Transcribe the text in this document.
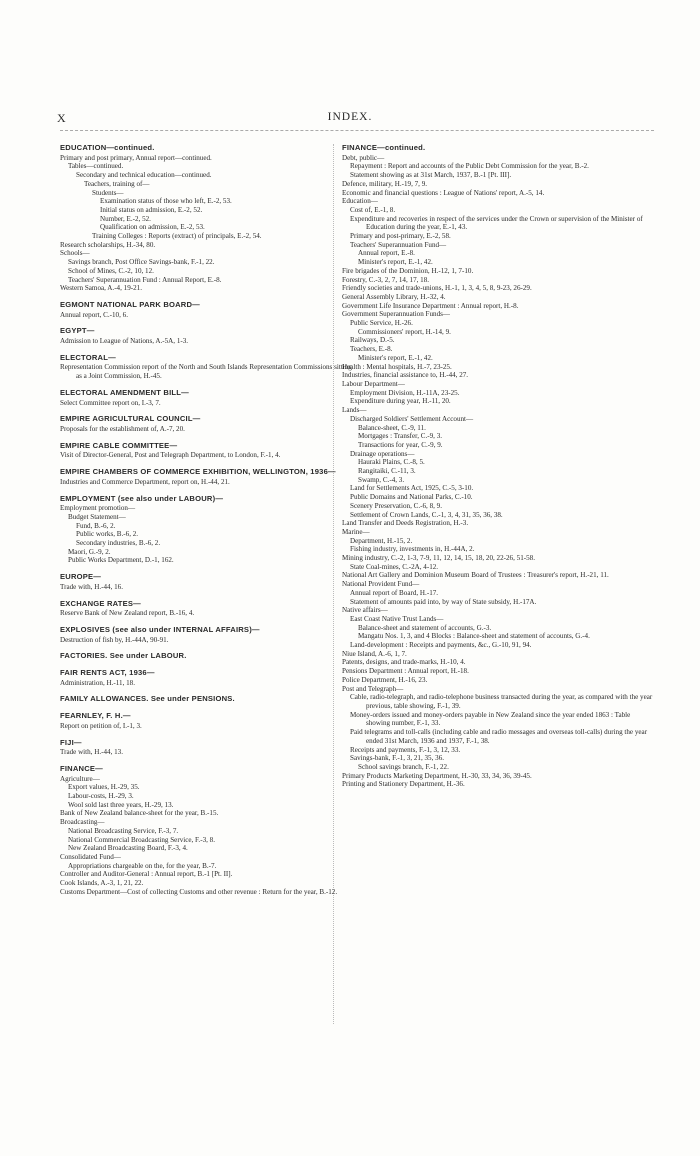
X	INDEX.
EDUCATION—continued.
Primary and post primary, Annual report—continued.
Tables—continued.
Secondary and technical education—continued.
Teachers, training of—
Students—
Examination status of those who left, E.-2, 53.
Initial status on admission, E.-2, 52.
Number, E.-2, 52.
Qualification on admission, E.-2, 53.
Training Colleges : Reports (extract) of principals, E.-2, 54.
Research scholarships, H.-34, 80.
Schools—
Savings branch, Post Office Savings-bank, F.-1, 22.
School of Mines, C.-2, 10, 12.
Teachers' Superannuation Fund : Annual Report, E.-8.
Western Samoa, A.-4, 19-21.
EGMONT NATIONAL PARK BOARD—
Annual report, C.-10, 6.
EGYPT—
Admission to League of Nations, A.-5A, 1-3.
ELECTORAL—
Representation Commission report of the North and South Islands Representation Commissions sitting as a Joint Commission, H.-45.
ELECTORAL AMENDMENT BILL—
Select Committee report on, I.-3, 7.
EMPIRE AGRICULTURAL COUNCIL—
Proposals for the establishment of, A.-7, 20.
EMPIRE CABLE COMMITTEE—
Visit of Director-General, Post and Telegraph Department, to London, F.-1, 4.
EMPIRE CHAMBERS OF COMMERCE EXHIBITION, WELLINGTON, 1936—
Industries and Commerce Department, report on, H.-44, 21.
EMPLOYMENT (see also under LABOUR)—
Employment promotion—
Budget Statement—
Fund, B.-6, 2.
Public works, B.-6, 2.
Secondary industries, B.-6, 2.
Maori, G.-9, 2.
Public Works Department, D.-1, 162.
EUROPE—
Trade with, H.-44, 16.
EXCHANGE RATES—
Reserve Bank of New Zealand report, B.-16, 4.
EXPLOSIVES (see also under INTERNAL AFFAIRS)—
Destruction of fish by, H.-44A, 90-91.
FACTORIES. See under LABOUR.
FAIR RENTS ACT, 1936—
Administration, H.-11, 18.
FAMILY ALLOWANCES. See under PENSIONS.
FEARNLEY, F. H.—
Report on petition of, I.-1, 3.
FIJI—
Trade with, H.-44, 13.
FINANCE—
Agriculture—
Export values, H.-29, 35.
Labour-costs, H.-29, 3.
Wool sold last three years, H.-29, 13.
Bank of New Zealand balance-sheet for the year, B.-15.
Broadcasting—
National Broadcasting Service, F.-3, 7.
National Commercial Broadcasting Service, F.-3, 8.
New Zealand Broadcasting Board, F.-3, 4.
Consolidated Fund—
Appropriations chargeable on the, for the year, B.-7.
Controller and Auditor-General : Annual report, B.-1 [Pt. II].
Cook Islands, A.-3, 1, 21, 22.
Customs Department—Cost of collecting Customs and other revenue : Return for the year, B.-12.
FINANCE—continued.
Debt, public—
Repayment : Report and accounts of the Public Debt Commission for the year, B.-2.
Statement showing as at 31st March, 1937, B.-1 [Pt. III].
Defence, military, H.-19, 7, 9.
Economic and financial questions : League of Nations' report, A.-5, 14.
Education—
Cost of, E.-1, 8.
Expenditure and recoveries in respect of the services under the Crown or supervision of the Minister of Education during the year, E.-1, 43.
Primary and post-primary, E.-2, 58.
Teachers' Superannuation Fund—
Annual report, E.-8.
Minister's report, E.-1, 42.
Fire brigades of the Dominion, H.-12, 1, 7-10.
Forestry, C.-3, 2, 7, 14, 17, 18.
Friendly societies and trade-unions, H.-1, 1, 3, 4, 5, 8, 9-23, 26-29.
General Assembly Library, H.-32, 4.
Government Life Insurance Department : Annual report, H.-8.
Government Superannuation Funds—
Public Service, H.-26.
Commissioners' report, H.-14, 9.
Railways, D.-5.
Teachers, E.-8.
Minister's report, E.-1, 42.
Health : Mental hospitals, H.-7, 23-25.
Industries, financial assistance to, H.-44, 27.
Labour Department—
Employment Division, H.-11A, 23-25.
Expenditure during year, H.-11, 20.
Lands—
Discharged Soldiers' Settlement Account—
Balance-sheet, C.-9, 11.
Mortgages : Transfer, C.-9, 3.
Transactions for year, C.-9, 9.
Drainage operations—
Hauraki Plains, C.-8, 5.
Rangitaiki, C.-11, 3.
Swamp, C.-4, 3.
Land for Settlements Act, 1925, C.-5, 3-10.
Public Domains and National Parks, C.-10.
Scenery Preservation, C.-6, 8, 9.
Settlement of Crown Lands, C.-1, 3, 4, 31, 35, 36, 38.
Land Transfer and Deeds Registration, H.-3.
Marine—
Department, H.-15, 2.
Fishing industry, investments in, H.-44A, 2.
Mining industry, C.-2, 1-3, 7-9, 11, 12, 14, 15, 18, 20, 22-26, 51-58.
State Coal-mines, C.-2A, 4-12.
National Art Gallery and Dominion Museum Board of Trustees : Treasurer's report, H.-21, 11.
National Provident Fund—
Annual report of Board, H.-17.
Statement of amounts paid into, by way of State subsidy, H.-17A.
Native affairs—
East Coast Native Trust Lands—
Balance-sheet and statement of accounts, G.-3.
Mangatu Nos. 1, 3, and 4 Blocks : Balance-sheet and statement of accounts, G.-4.
Land-development : Receipts and payments, &c., G.-10, 91, 94.
Niue Island, A.-6, 1, 7.
Patents, designs, and trade-marks, H.-10, 4.
Pensions Department : Annual report, H.-18.
Police Department, H.-16, 23.
Post and Telegraph—
Cable, radio-telegraph, and radio-telephone business transacted during the year, as compared with the year previous, table showing, F.-1, 39.
Money-orders issued and money-orders payable in New Zealand since the year ended 1863 : Table showing number, F.-1, 33.
Paid telegrams and toll-calls (including cable and radio messages and overseas toll-calls) during the year ended 31st March, 1936 and 1937, F.-1, 38.
Receipts and payments, F.-1, 3, 12, 33.
Savings-bank, F.-1, 3, 21, 35, 36.
School savings branch, F.-1, 22.
Primary Products Marketing Department, H.-30, 33, 34, 36, 39-45.
Printing and Stationery Department, H.-36.
